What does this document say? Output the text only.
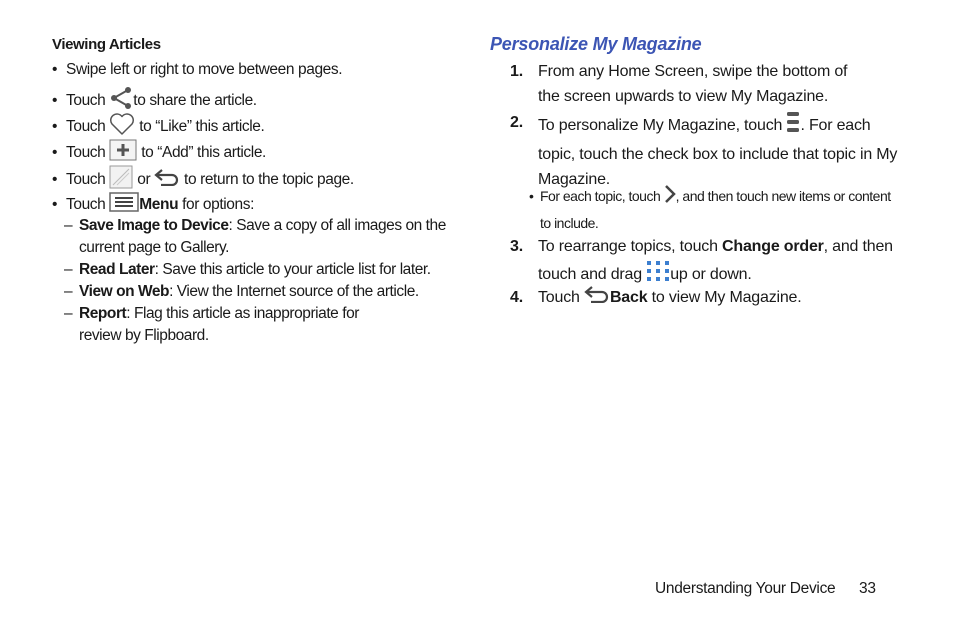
Viewing Articles
• Swipe left or right to move between pages.
• Touch to share the article.
• Touch to “Like” this article.
• Touch to “Add” this article.
• Touch or to return to the topic page.
• Touch Menu for options:
– Save Image to Device: Save a copy of all images on the current page to Gallery.
– Read Later: Save this article to your article list for later.
– View on Web: View the Internet source of the article.
– Report: Flag this article as inappropriate for review by Flipboard.
Personalize My Magazine
1. From any Home Screen, swipe the bottom of
the screen upwards to view My Magazine.
2. To personalize My Magazine, touch . For each topic, touch the check box to include that topic in My Magazine.
• For each topic, touch , and then touch new items or content to include.
3. To rearrange topics, touch Change order, and then touch and drag up or down.
4. Touch Back to view My Magazine.
Understanding Your Device 33
